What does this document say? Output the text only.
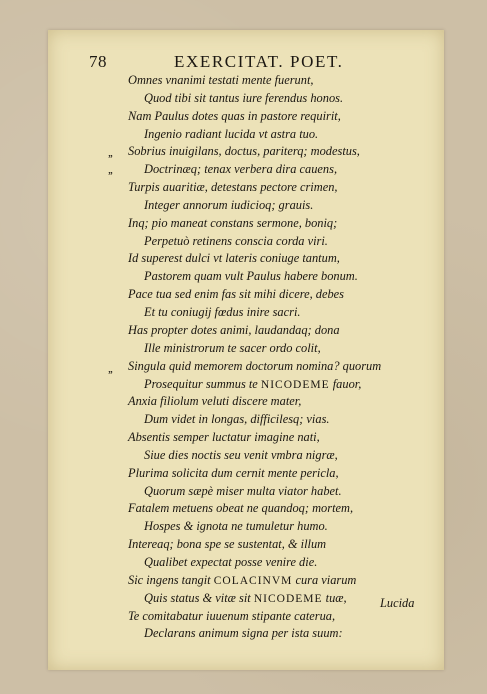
78	EXERCITAT. POET.
,,
,,
,,
Omnes vnanimi testati mente fuerunt,
Quod tibi sit tantus iure ferendus honos.
Nam Paulus dotes quas in pastore requirit,
Ingenio radiant lucida vt astra tuo.
Sobrius inuigilans, doctus, pariterq; modestus,
Doctrinæq; tenax verbera dira cauens,
Turpis auaritiæ, detestans pectore crimen,
Integer annorum iudicioq; grauis.
Inq; pio maneat constans sermone, boniq;
Perpetuò retinens conscia corda viri.
Id superest dulci vt lateris coniuge tantum,
Pastorem quam vult Paulus habere bonum.
Pace tua sed enim fas sit mihi dicere, debes
Et tu coniugij fœdus inire sacri.
Has propter dotes animi, laudandaq; dona
Ille ministrorum te sacer ordo colit,
Singula quid memorem doctorum nomina? quorum
Prosequitur summus te NICODEME fauor,
Anxia filiolum veluti discere mater,
Dum videt in longas, difficilesq; vias.
Absentis semper luctatur imagine nati,
Siue dies noctis seu venit vmbra nigræ,
Plurima solicita dum cernit mente pericla,
Quorum sæpè miser multa viator habet.
Fatalem metuens obeat ne quandoq; mortem,
Hospes & ignota ne tumuletur humo.
Intereaq; bona spe se sustentat, & illum
Qualibet expectat posse venire die.
Sic ingens tangit COLACINVM cura viarum
Quis status & vitæ sit NICODEME tuæ,
Te comitabatur iuuenum stipante caterua,
Declarans animum signa per ista suum:
Lucida
